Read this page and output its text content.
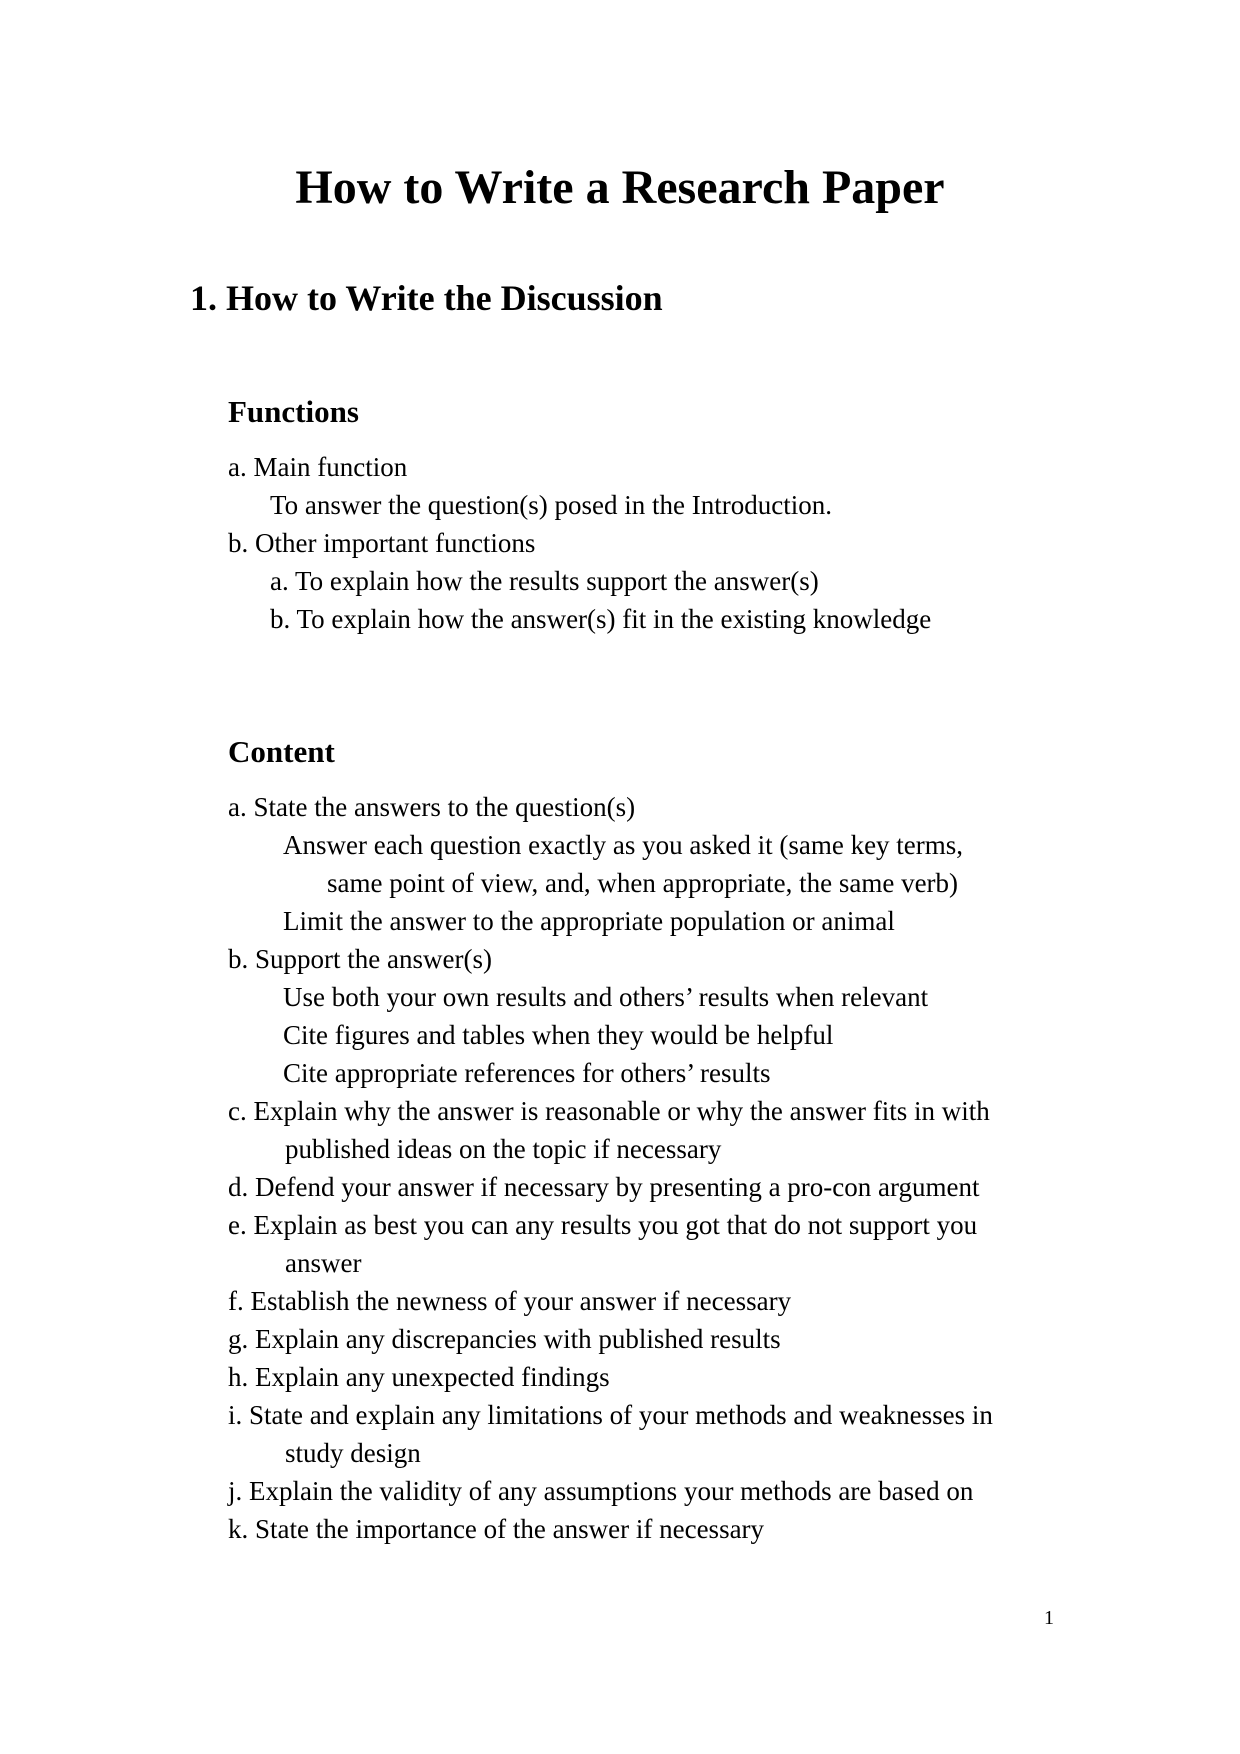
How to Write a Research Paper
1. How to Write the Discussion
Functions

a. Main function

To answer the question(s) posed in the Introduction.

b. Other important functions

a. To explain how the results support the answer(s)

b. To explain how the answer(s) fit in the existing knowledge

Content

a. State the answers to the question(s)

Answer each question exactly as you asked it (same key terms,

same point of view, and, when appropriate, the same verb)

Limit the answer to the appropriate population or animal

b. Support the answer(s)

Use both your own results and others’ results when relevant

Cite figures and tables when they would be helpful

Cite appropriate references for others’ results

c. Explain why the answer is reasonable or why the answer fits in with

published ideas on the topic if necessary

d. Defend your answer if necessary by presenting a pro-con argument

e. Explain as best you can any results you got that do not support you

answer

f. Establish the newness of your answer if necessary

g. Explain any discrepancies with published results

h. Explain any unexpected findings

i. State and explain any limitations of your methods and weaknesses in

study design

j. Explain the validity of any assumptions your methods are based on

k. State the importance of the answer if necessary

1
